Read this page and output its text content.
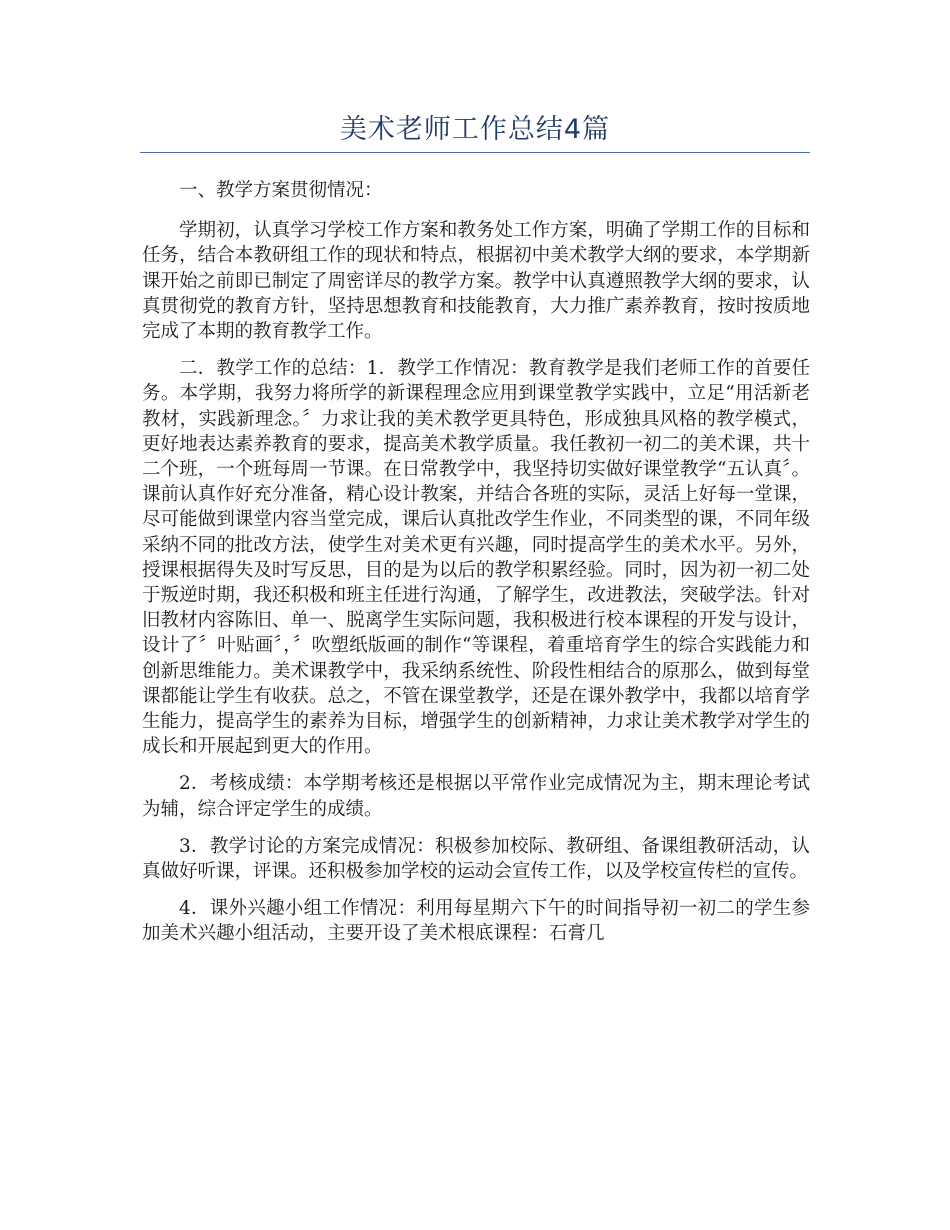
美术老师工作总结4篇

一、教学方案贯彻情况：

学期初，认真学习学校工作方案和教务处工作方案，明确了学期工作的目标和任务，结合本教研组工作的现状和特点，根据初中美术教学大纲的要求，本学期新课开始之前即已制定了周密详尽的教学方案。教学中认真遵照教学大纲的要求，认真贯彻党的教育方针，坚持思想教育和技能教育，大力推广素养教育，按时按质地完成了本期的教育教学工作。

二．教学工作的总结：1．教学工作情况：教育教学是我们老师工作的首要任务。本学期，我努力将所学的新课程理念应用到课堂教学实践中，立足“用活新老教材，实践新理念。〞力求让我的美术教学更具特色，形成独具风格的教学模式，更好地表达素养教育的要求，提高美术教学质量。我任教初一初二的美术课，共十二个班，一个班每周一节课。在日常教学中，我坚持切实做好课堂教学“五认真〞。课前认真作好充分准备，精心设计教案，并结合各班的实际，灵活上好每一堂课，尽可能做到课堂内容当堂完成，课后认真批改学生作业，不同类型的课，不同年级采纳不同的批改方法，使学生对美术更有兴趣，同时提高学生的美术水平。另外，授课根据得失及时写反思，目的是为以后的教学积累经验。同时，因为初一初二处于叛逆时期，我还积极和班主任进行沟通，了解学生，改进教法，突破学法。针对旧教材内容陈旧、单一、脱离学生实际问题，我积极进行校本课程的开发与设计，设计了〞叶贴画〞，〞吹塑纸版画的制作“等课程，着重培育学生的综合实践能力和创新思维能力。美术课教学中，我采纳系统性、阶段性相结合的原那么，做到每堂课都能让学生有收获。总之，不管在课堂教学，还是在课外教学中，我都以培育学生能力，提高学生的素养为目标，增强学生的创新精神，力求让美术教学对学生的成长和开展起到更大的作用。

2．考核成绩：本学期考核还是根据以平常作业完成情况为主，期末理论考试为辅，综合评定学生的成绩。

3．教学讨论的方案完成情况：积极参加校际、教研组、备课组教研活动，认真做好听课，评课。还积极参加学校的运动会宣传工作，以及学校宣传栏的宣传。

4．课外兴趣小组工作情况：利用每星期六下午的时间指导初一初二的学生参加美术兴趣小组活动，主要开设了美术根底课程：石膏几
